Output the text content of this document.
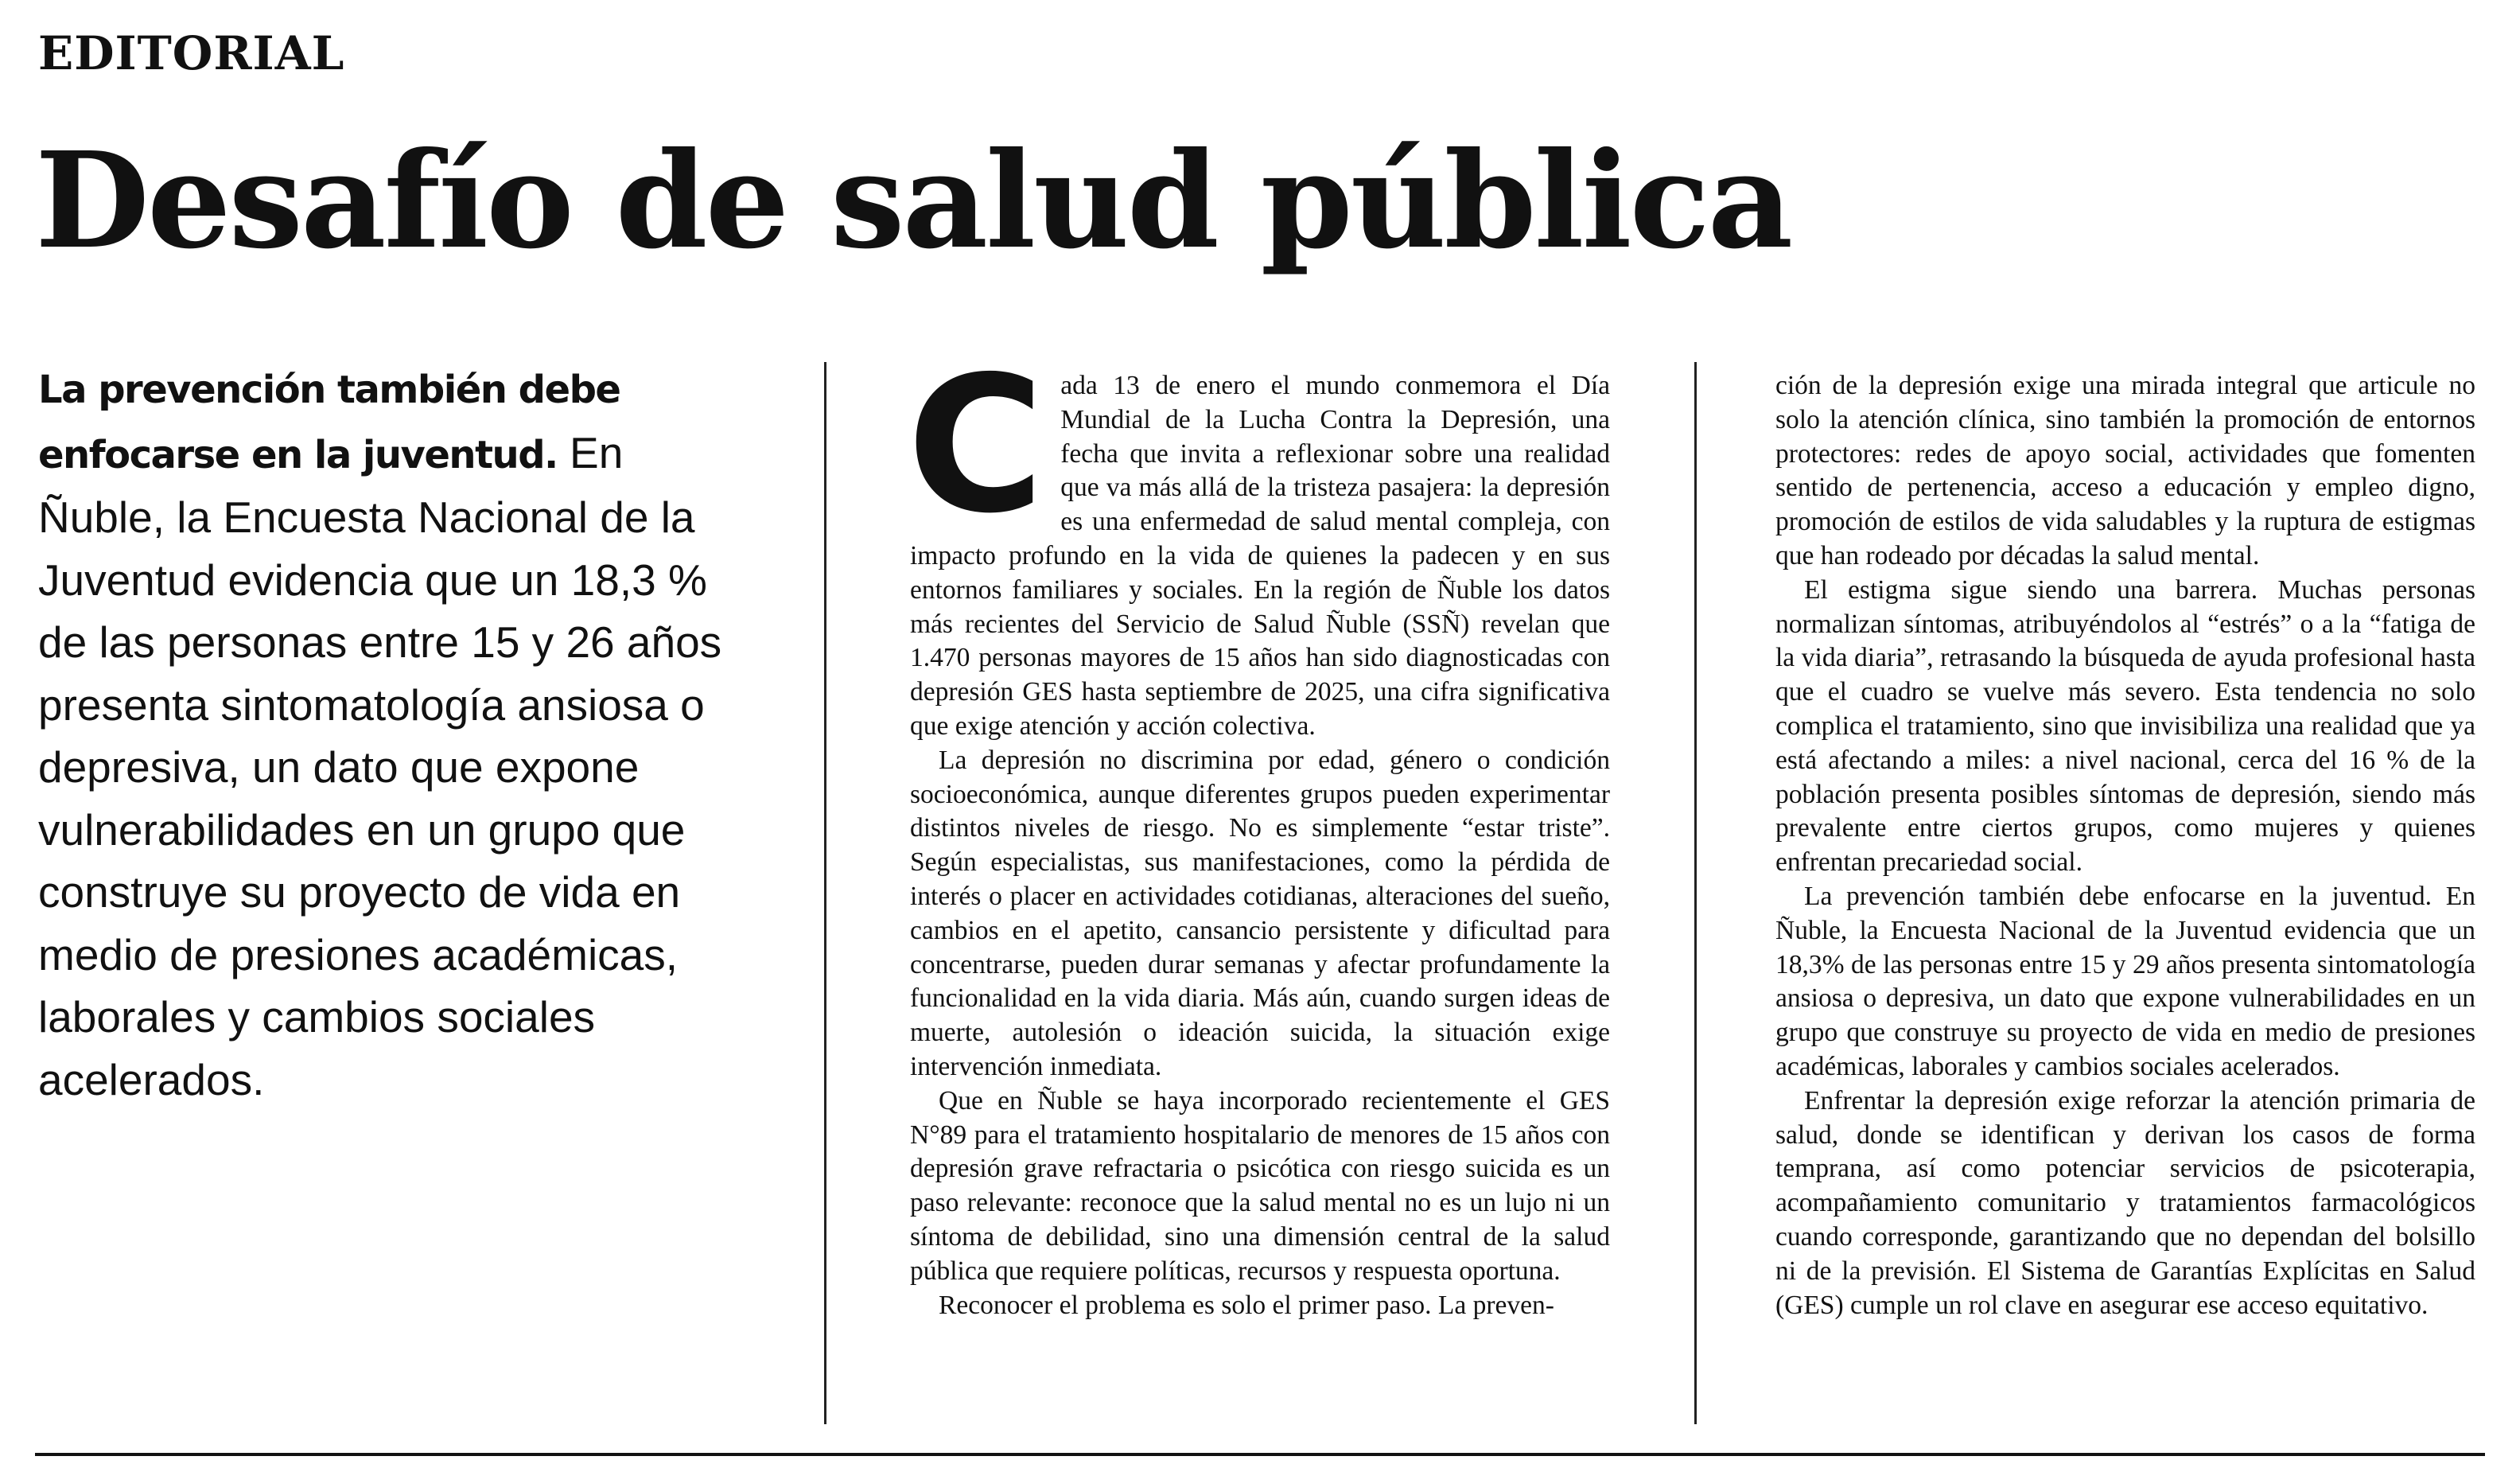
EDITORIAL
Desafío de salud pública
La prevención también debe enfocarse en la juventud. En Ñuble, la Encuesta Nacional de la Juventud evidencia que un 18,3 % de las personas entre 15 y 26 años presenta sintomatología ansiosa o depresiva, un dato que expone vulnerabilidades en un grupo que construye su proyecto de vida en medio de presiones académicas, laborales y cambios sociales acelerados.

Cada 13 de enero el mundo conmemora el Día Mundial de la Lucha Contra la Depresión, una fecha que invita a reflexionar sobre una realidad que va más allá de la tristeza pasajera: la depresión es una enfermedad de salud mental compleja, con impacto profundo en la vida de quienes la padecen y en sus entornos familiares y sociales. En la región de Ñuble los datos más recientes del Servicio de Salud Ñuble (SSÑ) revelan que 1.470 personas mayores de 15 años han sido diagnosticadas con depresión GES hasta septiembre de 2025, una cifra significativa que exige atención y acción colectiva.

La depresión no discrimina por edad, género o condición socioeconómica, aunque diferentes grupos pueden experimentar distintos niveles de riesgo. No es simplemente “estar triste”. Según especialistas, sus manifestaciones, como la pérdida de interés o placer en actividades cotidianas, alteraciones del sueño, cambios en el apetito, cansancio persistente y dificultad para concentrarse, pueden durar semanas y afectar profundamente la funcionalidad en la vida diaria. Más aún, cuando surgen ideas de muerte, autolesión o ideación suicida, la situación exige intervención inmediata.

Que en Ñuble se haya incorporado recientemente el GES N°89 para el tratamiento hospitalario de menores de 15 años con depresión grave refractaria o psicótica con riesgo suicida es un paso relevante: reconoce que la salud mental no es un lujo ni un síntoma de debilidad, sino una dimensión central de la salud pública que requiere políticas, recursos y respuesta oportuna.

Reconocer el problema es solo el primer paso. La preven-

ción de la depresión exige una mirada integral que articule no solo la atención clínica, sino también la promoción de entornos protectores: redes de apoyo social, actividades que fomenten sentido de pertenencia, acceso a educación y empleo digno, promoción de estilos de vida saludables y la ruptura de estigmas que han rodeado por décadas la salud mental.

El estigma sigue siendo una barrera. Muchas personas normalizan síntomas, atribuyéndolos al “estrés” o a la “fatiga de la vida diaria”, retrasando la búsqueda de ayuda profesional hasta que el cuadro se vuelve más severo. Esta tendencia no solo complica el tratamiento, sino que invisibiliza una realidad que ya está afectando a miles: a nivel nacional, cerca del 16 % de la población presenta posibles síntomas de depresión, siendo más prevalente entre ciertos grupos, como mujeres y quienes enfrentan precariedad social.

La prevención también debe enfocarse en la juventud. En Ñuble, la Encuesta Nacional de la Juventud evidencia que un 18,3% de las personas entre 15 y 29 años presenta sintomatología ansiosa o depresiva, un dato que expone vulnerabilidades en un grupo que construye su proyecto de vida en medio de presiones académicas, laborales y cambios sociales acelerados.

Enfrentar la depresión exige reforzar la atención primaria de salud, donde se identifican y derivan los casos de forma temprana, así como potenciar servicios de psicoterapia, acompañamiento comunitario y tratamientos farmacológicos cuando corresponde, garantizando que no dependan del bolsillo ni de la previsión. El Sistema de Garantías Explícitas en Salud (GES) cumple un rol clave en asegurar ese acceso equitativo.
